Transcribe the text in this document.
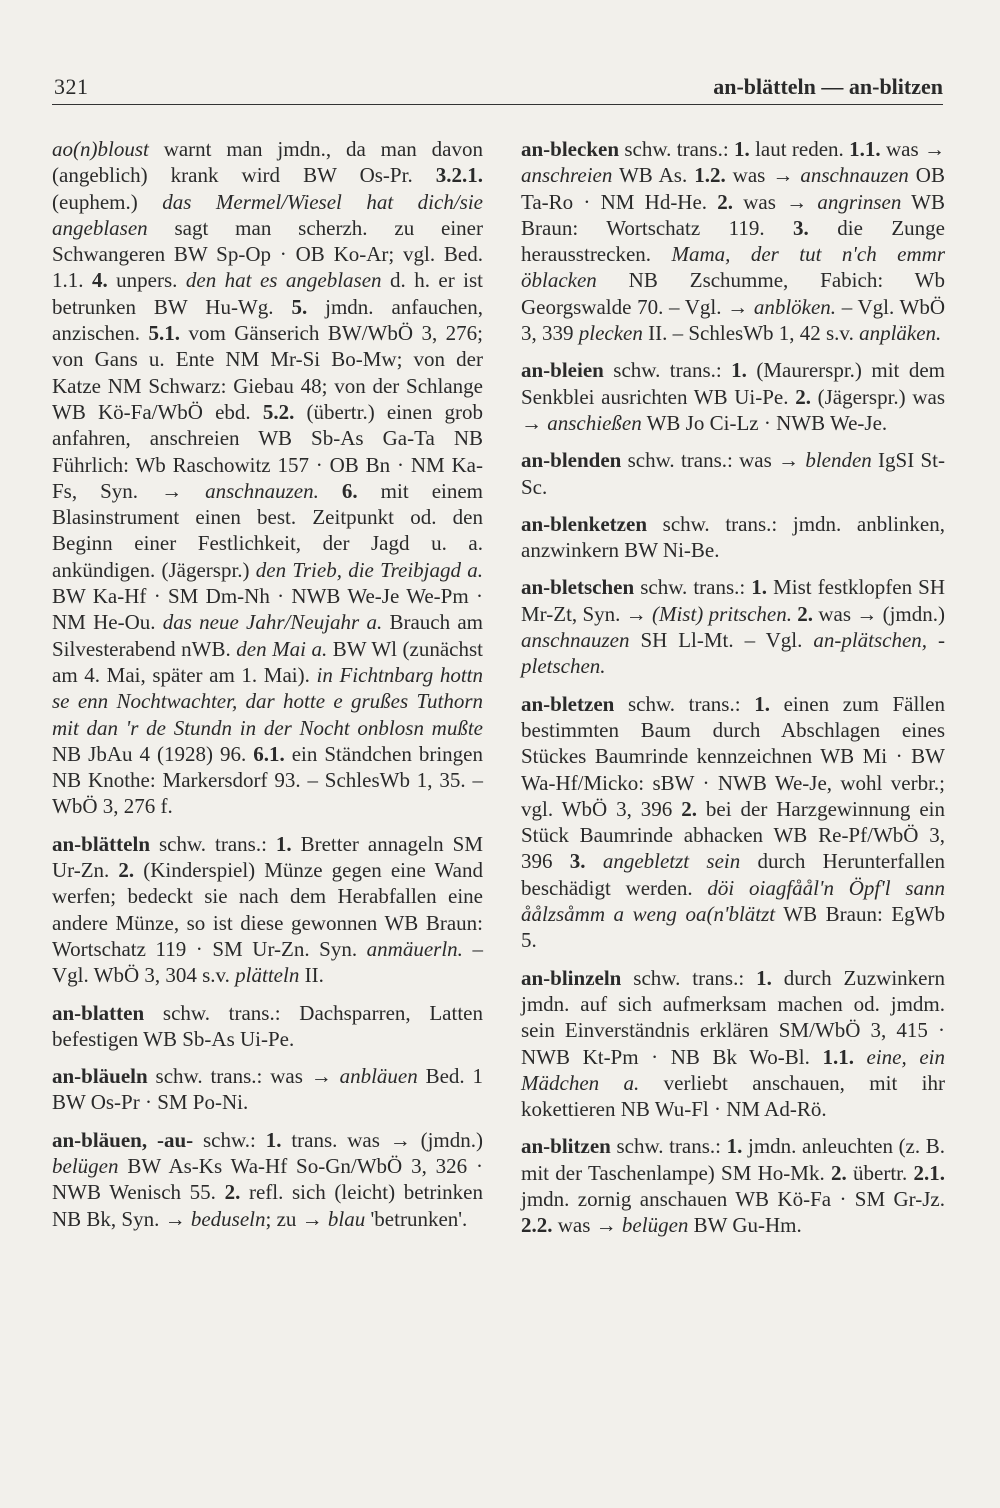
321	an-blätteln — an-blitzen

ao(n)bloust warnt man jmdn., da man davon (angeblich) krank wird BW Os-Pr. 3.2.1. (euphem.) das Mermel/Wiesel hat dich/sie angeblasen sagt man scherzh. zu einer Schwangeren BW Sp-Op · OB Ko-Ar; vgl. Bed. 1.1. 4. unpers. den hat es angeblasen d. h. er ist betrunken BW Hu-Wg. 5. jmdn. anfauchen, anzischen. 5.1. vom Gänserich BW/WbÖ 3, 276; von Gans u. Ente NM Mr-Si Bo-Mw; von der Katze NM Schwarz: Giebau 48; von der Schlange WB Kö-Fa/WbÖ ebd. 5.2. (übertr.) einen grob anfahren, anschreien WB Sb-As Ga-Ta NB Führlich: Wb Raschowitz 157 · OB Bn · NM Ka-Fs, Syn. → anschnauzen. 6. mit einem Blasinstrument einen best. Zeitpunkt od. den Beginn einer Festlichkeit, der Jagd u. a. ankündigen. (Jägerspr.) den Trieb, die Treibjagd a. BW Ka-Hf · SM Dm-Nh · NWB We-Je We-Pm · NM He-Ou. das neue Jahr/Neujahr a. Brauch am Silvesterabend nWB. den Mai a. BW Wl (zunächst am 4. Mai, später am 1. Mai). in Fichtnbarg hottn se enn Nochtwachter, dar hotte e grußes Tuthorn mit dan 'r de Stundn in der Nocht onblosn mußte NB JbAu 4 (1928) 96. 6.1. ein Ständchen bringen NB Knothe: Markersdorf 93. – SchlesWb 1, 35. – WbÖ 3, 276 f.

an-blätteln schw. trans.: 1. Bretter annageln SM Ur-Zn. 2. (Kinderspiel) Münze gegen eine Wand werfen; bedeckt sie nach dem Herabfallen eine andere Münze, so ist diese gewonnen WB Braun: Wortschatz 119 · SM Ur-Zn. Syn. anmäuerln. – Vgl. WbÖ 3, 304 s.v. plätteln II.

an-blatten schw. trans.: Dachsparren, Latten befestigen WB Sb-As Ui-Pe.

an-bläueln schw. trans.: was → anbläuen Bed. 1 BW Os-Pr · SM Po-Ni.

an-bläuen, -au- schw.: 1. trans. was → (jmdn.) belügen BW As-Ks Wa-Hf So-Gn/WbÖ 3, 326 · NWB Wenisch 55. 2. refl. sich (leicht) betrinken NB Bk, Syn. → beduseln; zu → blau 'betrunken'.

an-blecken schw. trans.: 1. laut reden. 1.1. was → anschreien WB As. 1.2. was → anschnauzen OB Ta-Ro · NM Hd-He. 2. was → angrinsen WB Braun: Wortschatz 119. 3. die Zunge herausstrecken. Mama, der tut n'ch emmr öblacken NB Zschumme, Fabich: Wb Georgswalde 70. – Vgl. → anblöken. – Vgl. WbÖ 3, 339 plecken II. – SchlesWb 1, 42 s.v. anpläken.

an-bleien schw. trans.: 1. (Maurerspr.) mit dem Senkblei ausrichten WB Ui-Pe. 2. (Jägerspr.) was → anschießen WB Jo Ci-Lz · NWB We-Je.

an-blenden schw. trans.: was → blenden IgSI St-Sc.

an-blenketzen schw. trans.: jmdn. anblinken, anzwinkern BW Ni-Be.

an-bletschen schw. trans.: 1. Mist festklopfen SH Mr-Zt, Syn. → (Mist) pritschen. 2. was → (jmdn.) anschnauzen SH Ll-Mt. – Vgl. an-plätschen, -pletschen.

an-bletzen schw. trans.: 1. einen zum Fällen bestimmten Baum durch Abschlagen eines Stückes Baumrinde kennzeichnen WB Mi · BW Wa-Hf/Micko: sBW · NWB We-Je, wohl verbr.; vgl. WbÖ 3, 396 2. bei der Harzgewinnung ein Stück Baumrinde abhacken WB Re-Pf/WbÖ 3, 396 3. angebletzt sein durch Herunterfallen beschädigt werden. döi oiagfåål'n Öpf'l sann åålzsåmm a weng oa(n'blätzt WB Braun: EgWb 5.

an-blinzeln schw. trans.: 1. durch Zuzwinkern jmdn. auf sich aufmerksam machen od. jmdm. sein Einverständnis erklären SM/WbÖ 3, 415 · NWB Kt-Pm · NB Bk Wo-Bl. 1.1. eine, ein Mädchen a. verliebt anschauen, mit ihr kokettieren NB Wu-Fl · NM Ad-Rö.

an-blitzen schw. trans.: 1. jmdn. anleuchten (z. B. mit der Taschenlampe) SM Ho-Mk. 2. übertr. 2.1. jmdn. zornig anschauen WB Kö-Fa · SM Gr-Jz. 2.2. was → belügen BW Gu-Hm.
